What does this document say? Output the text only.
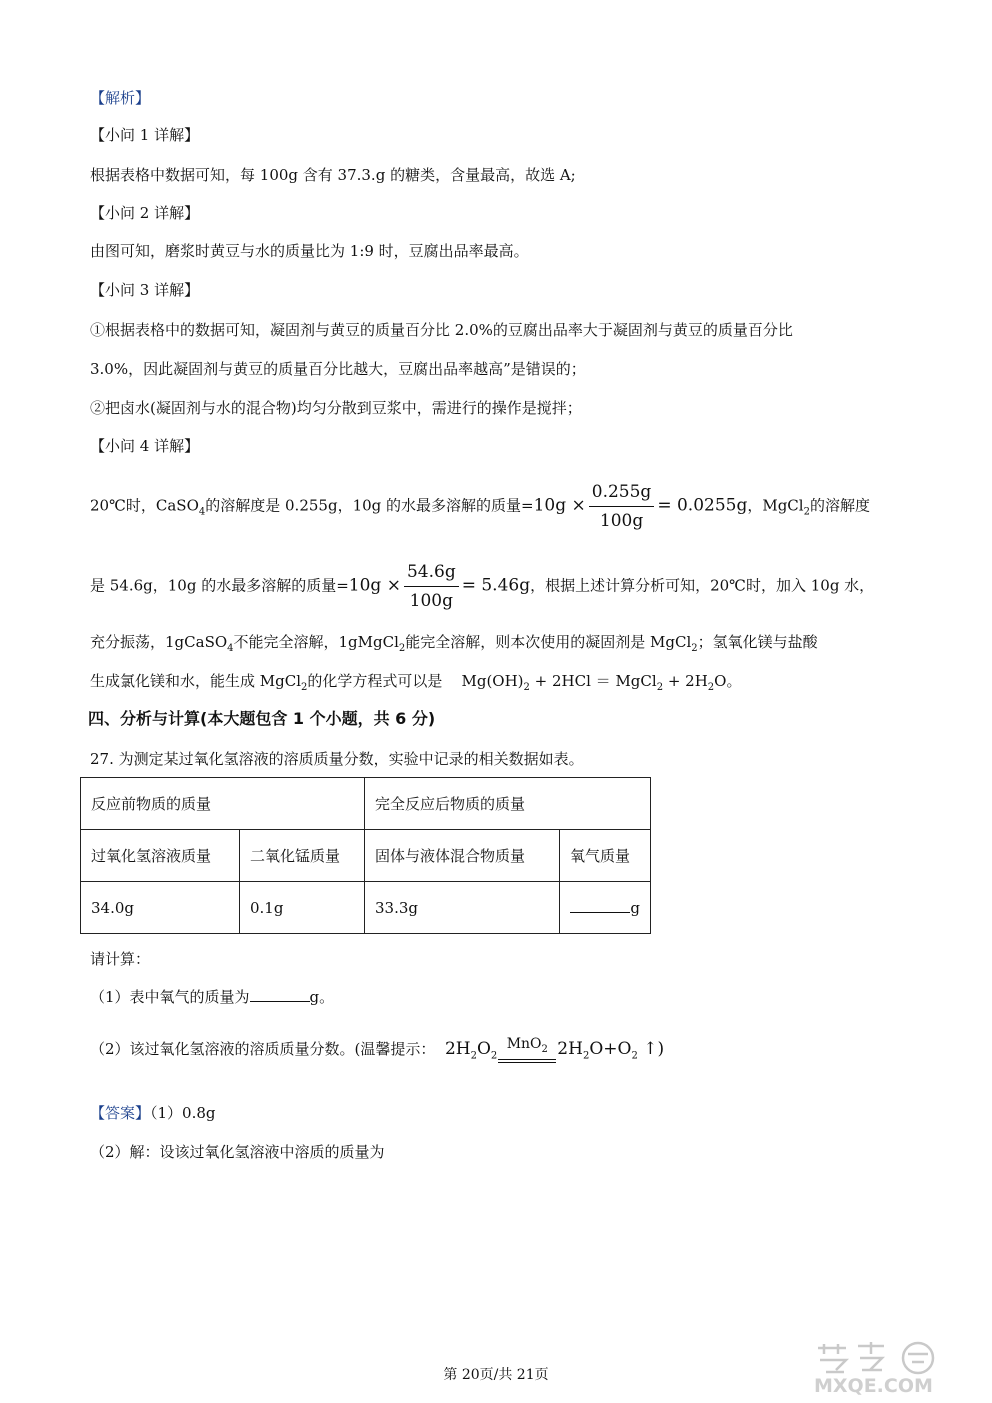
【解析】
【小问 1 详解】
根据表格中数据可知，每 100g 含有 37.3.g 的糖类，含量最高，故选 A;
【小问 2 详解】
由图可知，磨浆时黄豆与水的质量比为 1:9 时，豆腐出品率最高。
【小问 3 详解】
①根据表格中的数据可知，凝固剂与黄豆的质量百分比 2.0%的豆腐出品率大于凝固剂与黄豆的质量百分比
3.0%，因此凝固剂与黄豆的质量百分比越大，豆腐出品率越高”是错误的；
②把卤水(凝固剂与水的混合物)均匀分散到豆浆中，需进行的操作是搅拌；
【小问 4 详解】
20℃时，CaSO$_4$的溶解度是 0.255g，10g 的水最多溶解的质量$=10g \times \frac{0.255g}{100g} = 0.0255g$，MgCl$_2$的溶解度
是 54.6g，10g 的水最多溶解的质量$=10g \times \frac{54.6g}{100g} = 5.46g$，根据上述计算分析可知，20℃时，加入 10g 水，
充分振荡，1gCaSO$_4$不能完全溶解，1gMgCl$_2$能完全溶解，则本次使用的凝固剂是 MgCl$_2$；氢氧化镁与盐酸
生成氯化镁和水，能生成 MgCl$_2$的化学方程式可以是 $Mg(OH)_2 + 2HCl$ ＝ MgCl$_2$ + $2H_2O$。
四、分析与计算(本大题包含 1 个小题，共 6 分)
27. 为测定某过氧化氢溶液的溶质质量分数，实验中记录的相关数据如表。
反应前物质的质量		完全反应后物质的质量	
过氧化氢溶液质量	二氧化锰质量	固体与液体混合物质量	氧气质量
34.0g	0.1g	33.3g	g
请计算：
（1）表中氧气的质量为	g。
（2）该过氧化氢溶液的溶质质量分数。(温馨提示： $2H_2O_2$
MnO$_2$ $2H_2O+O_2$ ↑)
【答案】（1）0.8g
（2）解：设该过氧化氢溶液中溶质的质量为
第 20页/共 21页	MXQE.COM
